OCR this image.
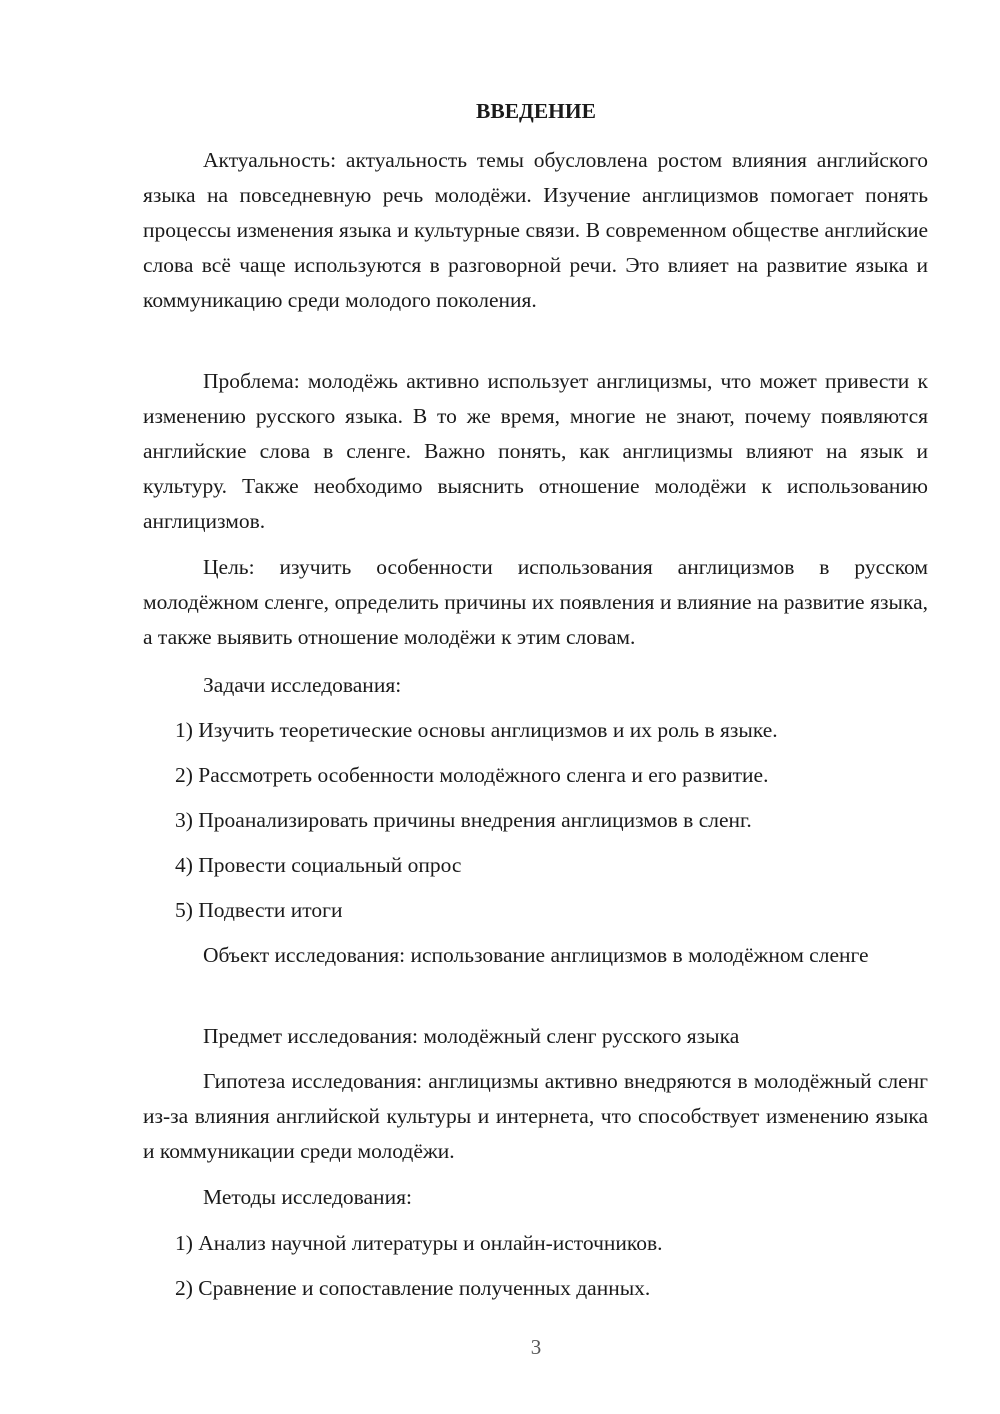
ВВЕДЕНИЕ

Актуальность: актуальность темы обусловлена ростом влияния английского языка на повседневную речь молодёжи. Изучение англицизмов помогает понять процессы изменения языка и культурные связи. В современном обществе английские слова всё чаще используются в разговорной речи. Это влияет на развитие языка и коммуникацию среди молодого поколения.

Проблема: молодёжь активно использует англицизмы, что может привести к изменению русского языка. В то же время, многие не знают, почему появляются английские слова в сленге. Важно понять, как англицизмы влияют на язык и культуру. Также необходимо выяснить отношение молодёжи к использованию англицизмов.

Цель: изучить особенности использования англицизмов в русском молодёжном сленге, определить причины их появления и влияние на развитие языка, а также выявить отношение молодёжи к этим словам.

Задачи исследования:

1) Изучить теоретические основы англицизмов и их роль в языке.

2) Рассмотреть особенности молодёжного сленга и его развитие.

3) Проанализировать причины внедрения англицизмов в сленг.

4) Провести социальный опрос

5) Подвести итоги

Объект исследования: использование англицизмов в молодёжном сленге

Предмет исследования: молодёжный сленг русского языка

Гипотеза исследования: англицизмы активно внедряются в молодёжный сленг из-за влияния английской культуры и интернета, что способствует изменению языка и коммуникации среди молодёжи.

Методы исследования:

1) Анализ научной литературы и онлайн-источников.

2) Сравнение и сопоставление полученных данных.

3
